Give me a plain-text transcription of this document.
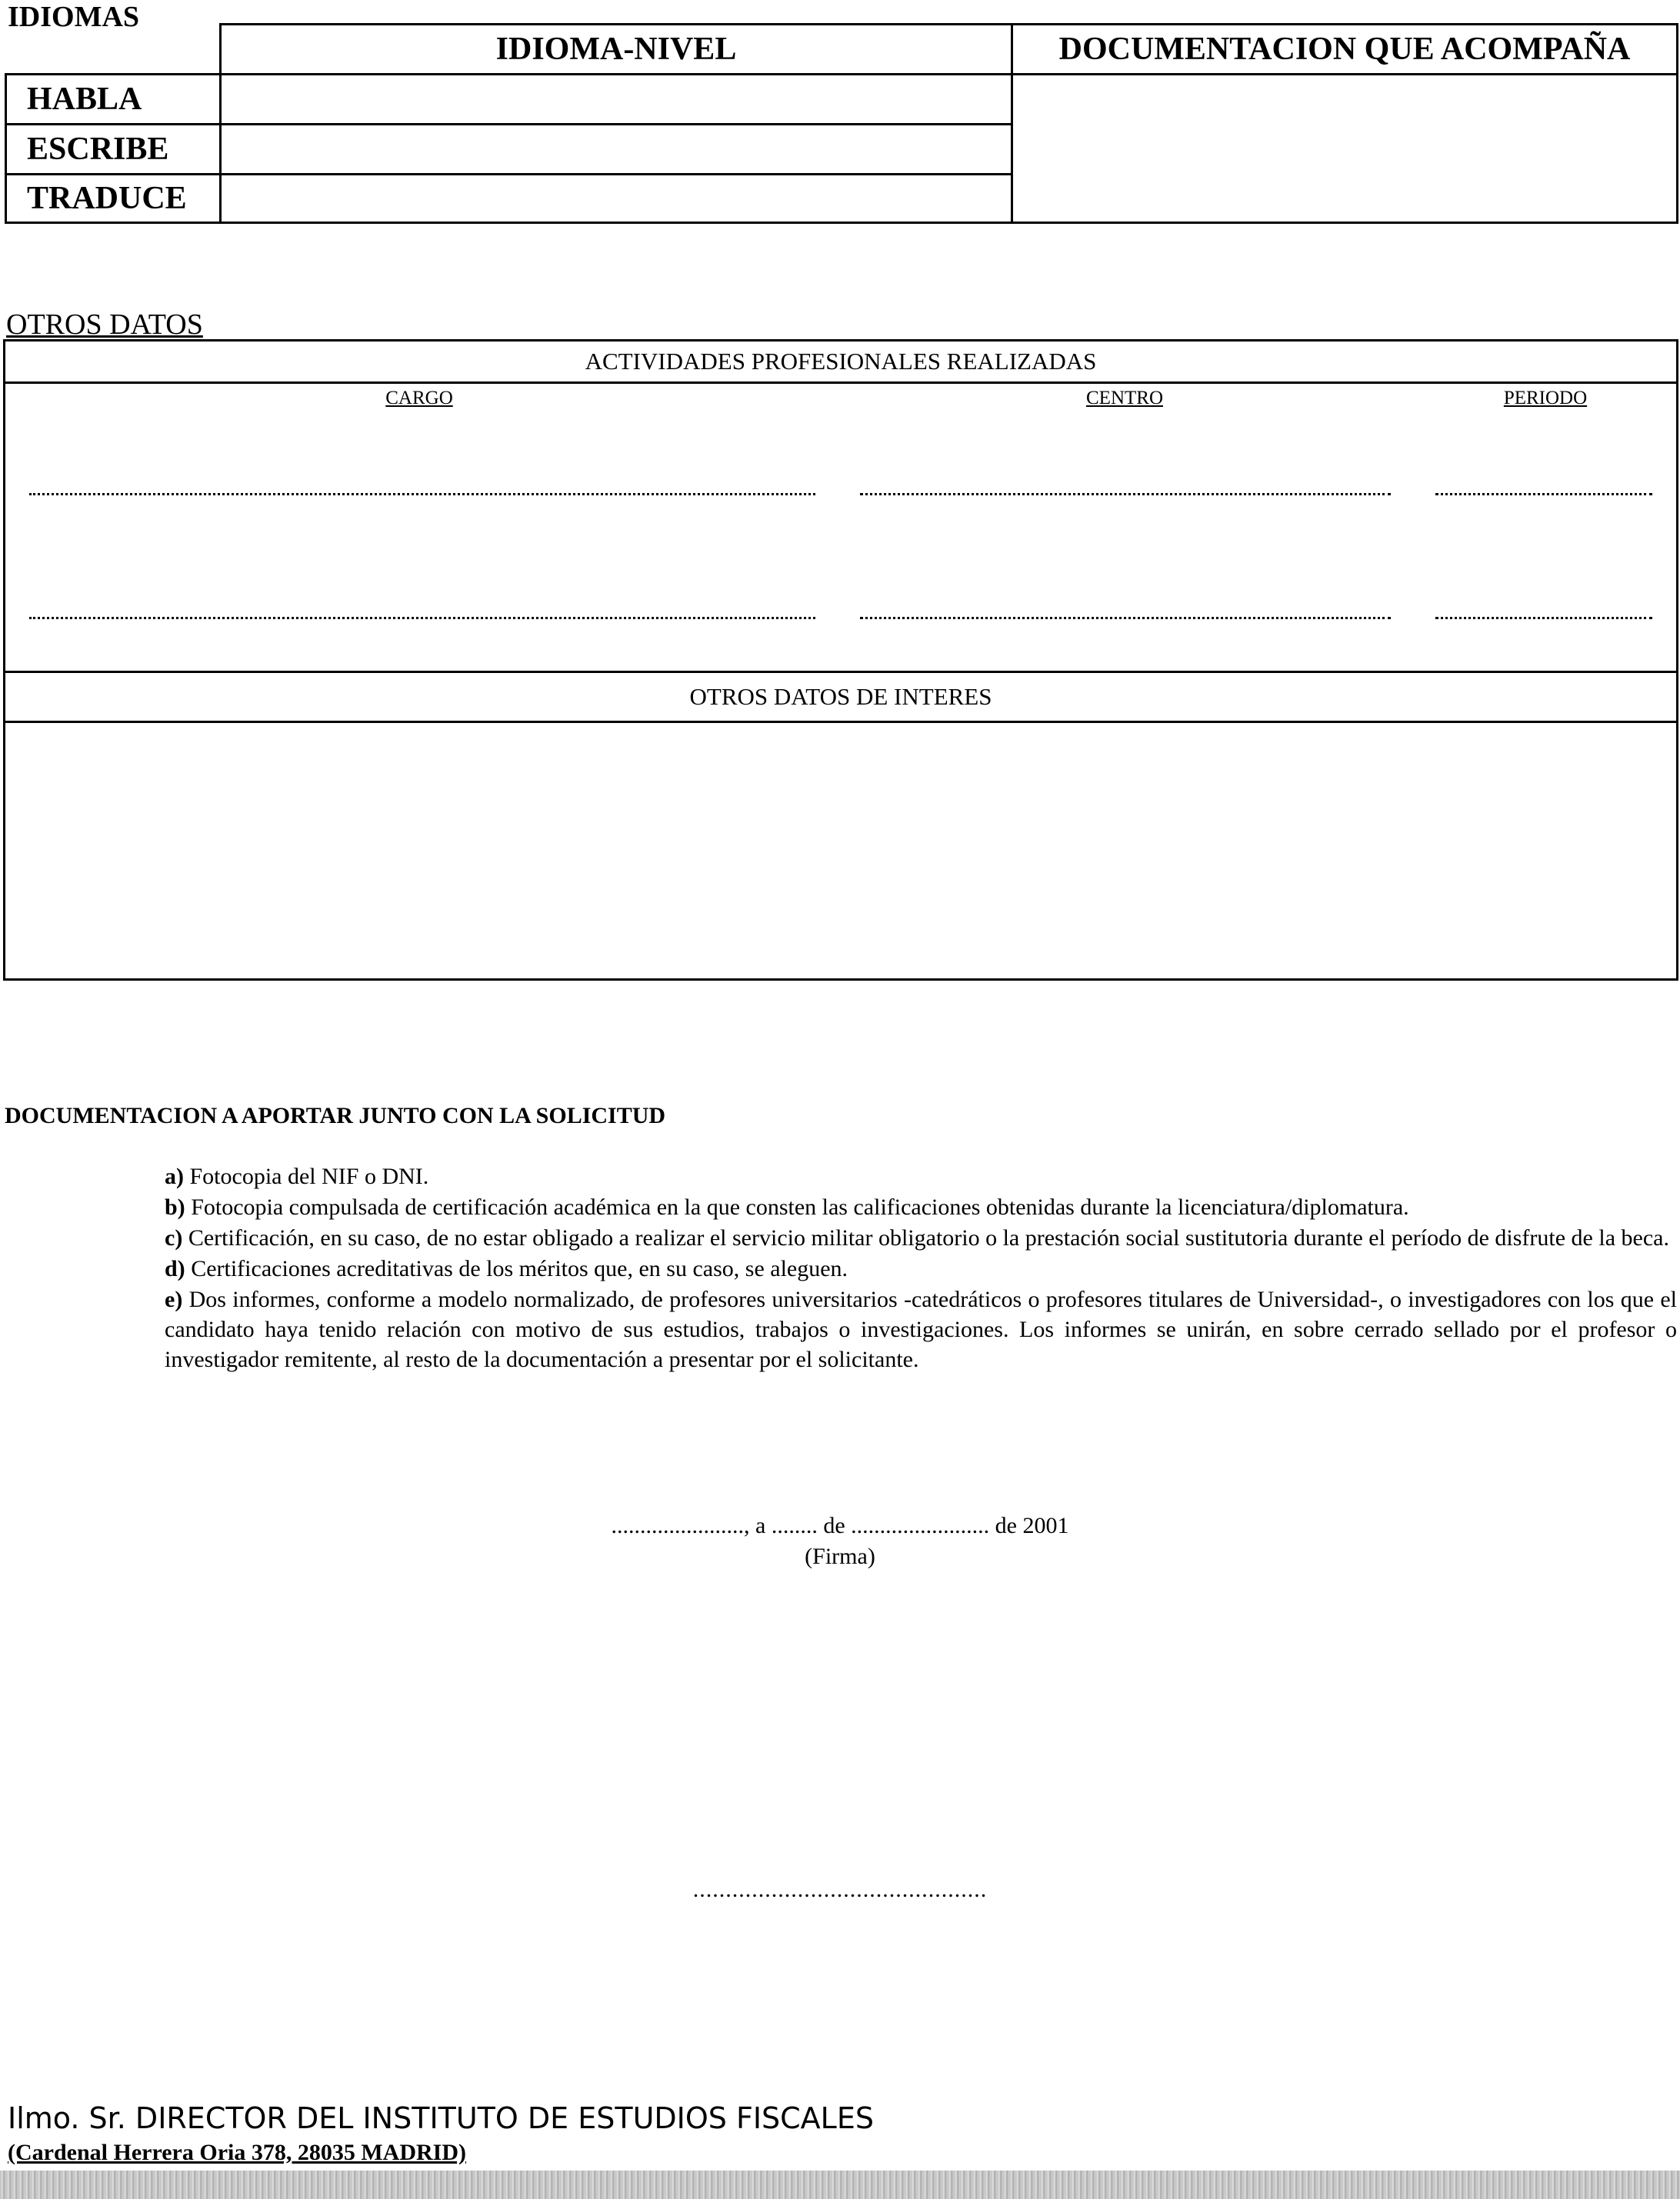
IDIOMAS
IDIOMA-NIVEL	DOCUMENTACION QUE ACOMPAÑA
HABLA
ESCRIBE
TRADUCE
OTROS DATOS
ACTIVIDADES PROFESIONALES REALIZADAS
CARGO	CENTRO	PERIODO
OTROS DATOS DE INTERES
DOCUMENTACION A APORTAR JUNTO CON LA SOLICITUD

a) Fotocopia del NIF o DNI.

b) Fotocopia compulsada de certificación académica en la que consten las calificaciones obtenidas durante la licenciatura/diplomatura.

c) Certificación, en su caso, de no estar obligado a realizar el servicio militar obligatorio o la prestación social sustitutoria durante el período de disfrute de la beca.

d) Certificaciones acreditativas de los méritos que, en su caso, se aleguen.

e) Dos informes, conforme a modelo normalizado, de profesores universitarios -catedráticos o profesores titulares de Universidad-, o investigadores con los que el candidato haya tenido relación con motivo de sus estudios, trabajos o investigaciones. Los informes se unirán, en sobre cerrado sellado por el profesor o investigador remitente, al resto de la documentación a presentar por el solicitante.

......................., a ........ de ........................ de 2001
(Firma)
.............................................
Ilmo. Sr. DIRECTOR DEL INSTITUTO DE ESTUDIOS FISCALES
(Cardenal Herrera Oria 378, 28035 MADRID)
